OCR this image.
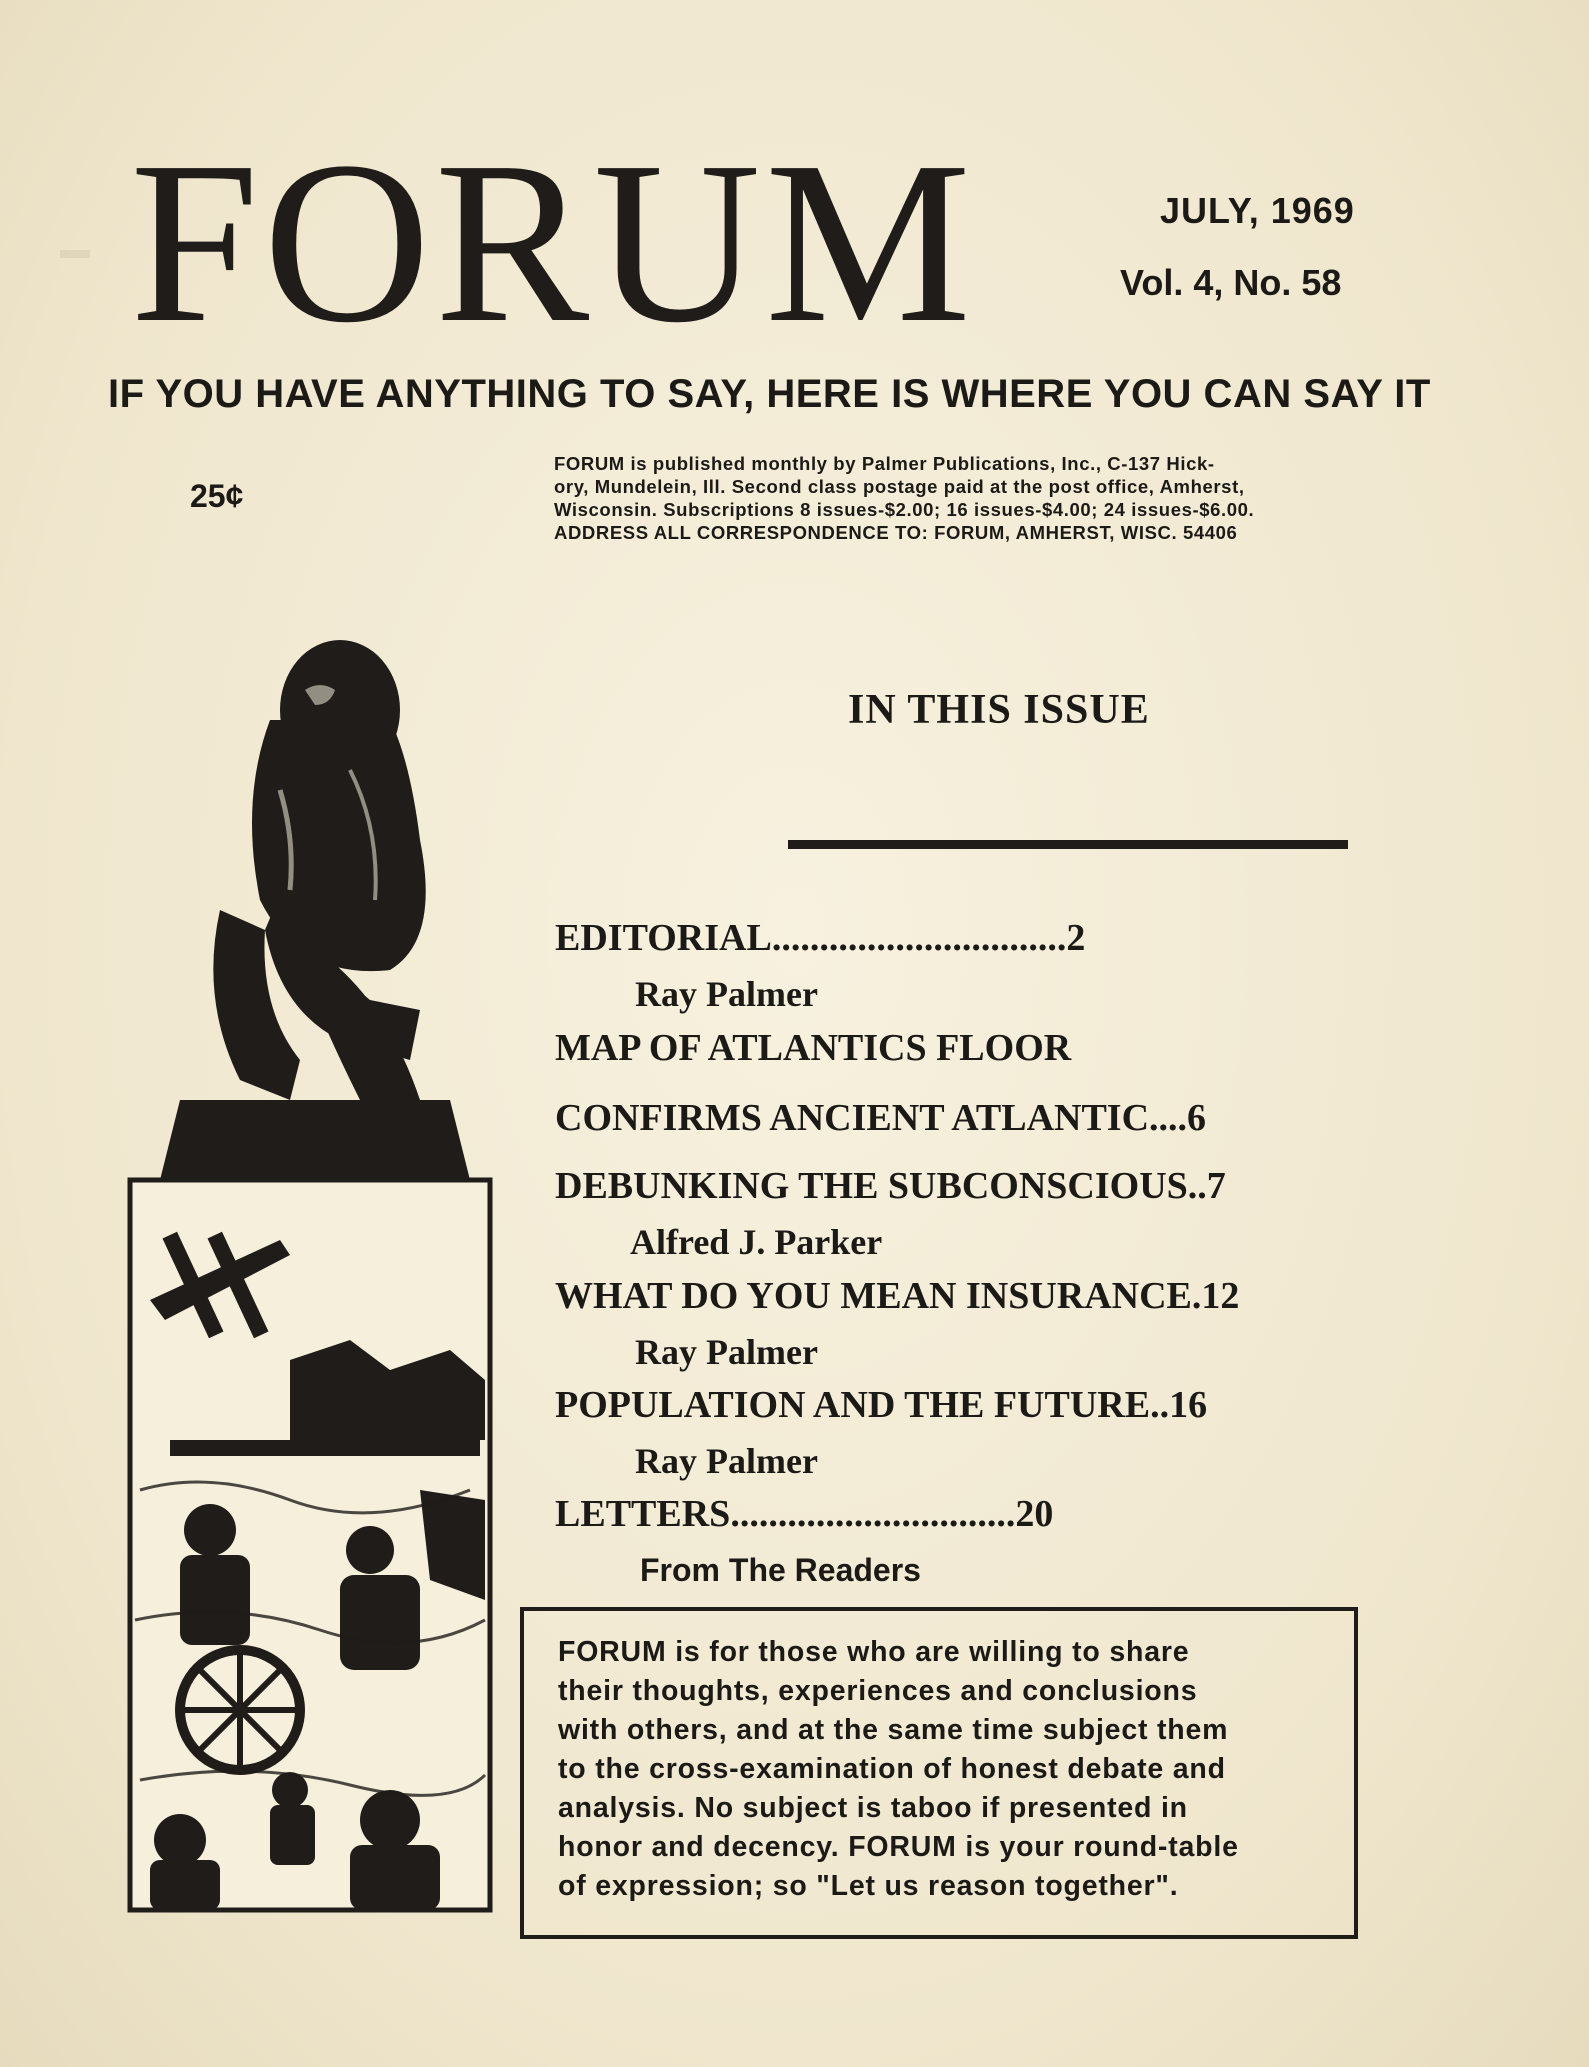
FORUM	JULY, 1969
Vol. 4, No. 58
IF YOU HAVE ANYTHING TO SAY, HERE IS WHERE YOU CAN SAY IT
25¢

FORUM is published monthly by Palmer Publications, Inc., C-137 Hick-

ory, Mundelein, Ill. Second class postage paid at the post office, Amherst,

Wisconsin. Subscriptions 8 issues-$2.00; 16 issues-$4.00; 24 issues-$6.00.

ADDRESS ALL CORRESPONDENCE TO: FORUM, AMHERST, WISC. 54406

IN THIS ISSUE
EDITORIAL...............................2
Ray Palmer
MAP OF ATLANTICS FLOOR
CONFIRMS ANCIENT ATLANTIC....6
DEBUNKING THE SUBCONSCIOUS..7
Alfred J. Parker
WHAT DO YOU MEAN INSURANCE.12
Ray Palmer
POPULATION AND THE FUTURE..16
Ray Palmer
LETTERS..............................20
From The Readers

FORUM is for those who are willing to share

their thoughts, experiences and conclusions

with others, and at the same time subject them

to the cross-examination of honest debate and

analysis. No subject is taboo if presented in

honor and decency. FORUM is your round-table

of expression; so "Let us reason together".
